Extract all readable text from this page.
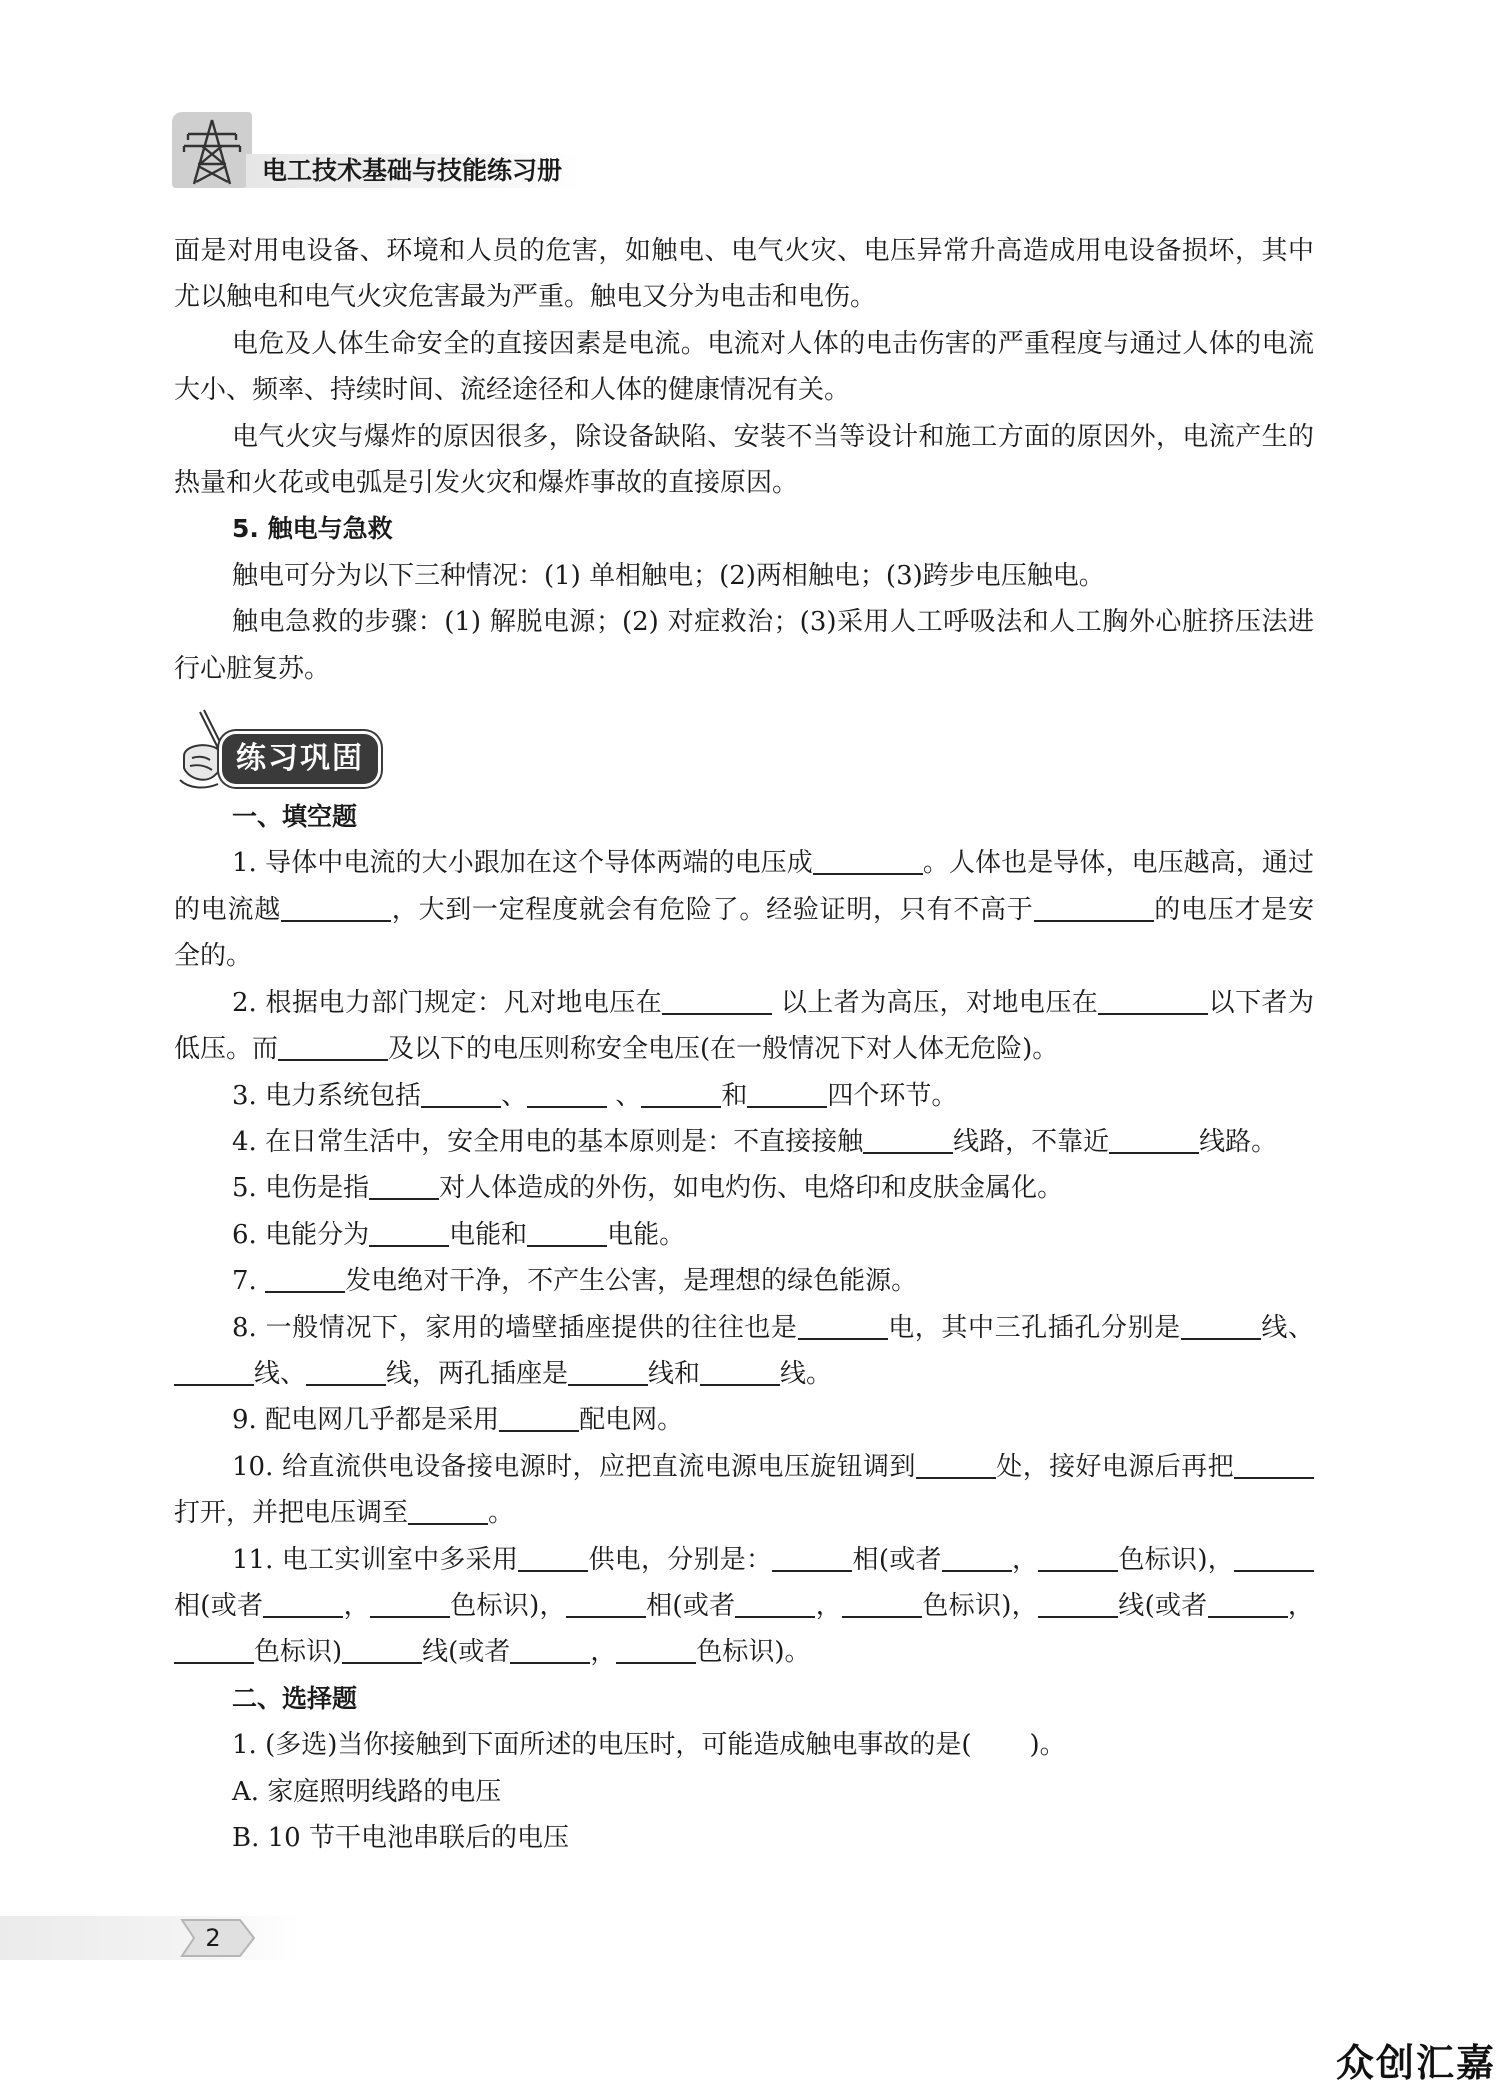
电工技术基础与技能练习册

面是对用电设备、环境和人员的危害，如触电、电气火灾、电压异常升高造成用电设备损坏，其中尤以触电和电气火灾危害最为严重。触电又分为电击和电伤。

电危及人体生命安全的直接因素是电流。电流对人体的电击伤害的严重程度与通过人体的电流大小、频率、持续时间、流经途径和人体的健康情况有关。

电气火灾与爆炸的原因很多，除设备缺陷、安装不当等设计和施工方面的原因外，电流产生的热量和火花或电弧是引发火灾和爆炸事故的直接原因。

5. 触电与急救

触电可分为以下三种情况：(1) 单相触电；(2)两相触电；(3)跨步电压触电。

触电急救的步骤：(1) 解脱电源；(2) 对症救治；(3)采用人工呼吸法和人工胸外心脏挤压法进行心脏复苏。

练习巩固

一、填空题

1. 导体中电流的大小跟加在这个导体两端的电压成	。人体也是导体，电压越高，通过的电流越	，大到一定程度就会有危险了。经验证明，只有不高于	的电压才是安全的。

2. 根据电力部门规定：凡对地电压在	以上者为高压，对地电压在	以下者为低压。而	及以下的电压则称安全电压(在一般情况下对人体无危险)。

3. 电力系统包括	、	、	和	四个环节。

4. 在日常生活中，安全用电的基本原则是：不直接接触	线路，不靠近	线路。

5. 电伤是指	对人体造成的外伤，如电灼伤、电烙印和皮肤金属化。

6. 电能分为	电能和	电能。

7.	发电绝对干净，不产生公害，是理想的绿色能源。

8. 一般情况下，家用的墙壁插座提供的往往也是	电，其中三孔插孔分别是	线、线、	线，两孔插座是	线和	线。

9. 配电网几乎都是采用	配电网。

10. 给直流供电设备接电源时，应把直流电源电压旋钮调到	处，接好电源后再把打开，并把电压调至	。

11. 电工实训室中多采用	供电，分别是：	相(或者	，	色标识)，相(或者	，	色标识)，	相(或者	，	色标识)，	线(或者	，色标识)	线(或者	，	色标识)。

二、选择题

1. (多选)当你接触到下面所述的电压时，可能造成触电事故的是( )。

A. 家庭照明线路的电压

B. 10 节干电池串联后的电压

2
众创汇嘉
